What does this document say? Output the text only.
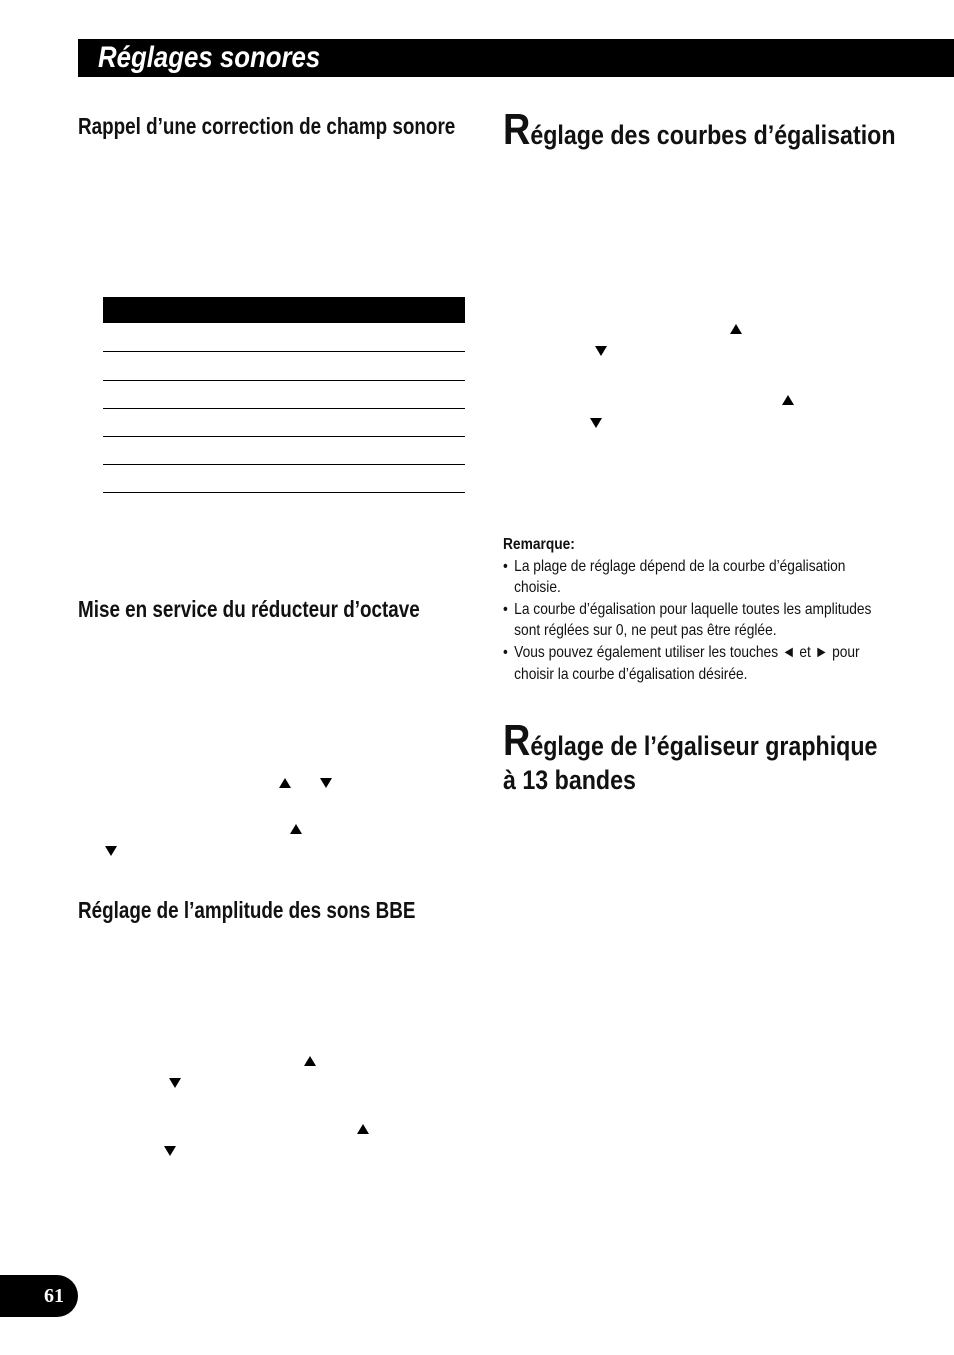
Réglages sonores
Rappel d’une correction de champ sonore
Mise en service du réducteur d’octave
Réglage de l’amplitude des sons BBE
Réglage des courbes d’égalisation
Remarque:
• La plage de réglage dépend de la courbe d’égalisation choisie.
• La courbe d’égalisation pour laquelle toutes les amplitudes sont réglées sur 0, ne peut pas être réglée.
• Vous pouvez également utiliser les touches ◄ et ► pour choisir la courbe d’égalisation désirée.
Réglage de l’égaliseur graphique
à 13 bandes
61
